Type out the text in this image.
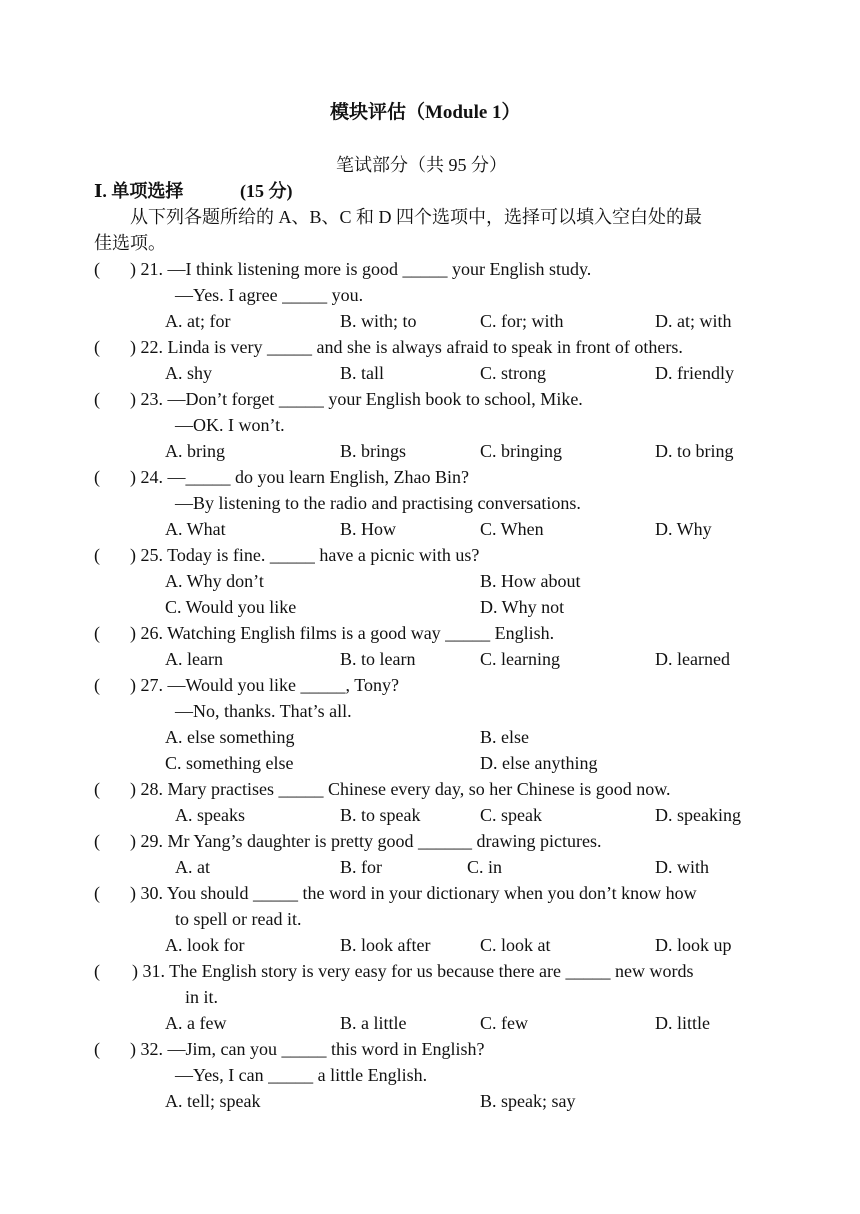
模块评估（Module 1）
笔试部分（共 95 分）
Ⅰ. 单项选择	(15 分)
从下列各题所给的 A、B、C 和 D 四个选项中，选择可以填入空白处的最
佳选项。
( ) 21. —I think listening more is good _____ your English study.
—Yes. I agree _____ you.
A. at; for	B. with; to	C. for; with	D. at; with
( ) 22. Linda is very _____ and she is always afraid to speak in front of others.
A. shy	B. tall	C. strong	D. friendly
( ) 23. —Don’t forget _____ your English book to school, Mike.
—OK. I won’t.
A. bring	B. brings	C. bringing	D. to bring
( ) 24. —_____ do you learn English, Zhao Bin?
—By listening to the radio and practising conversations.
A. What	B. How	C. When	D. Why
( ) 25. Today is fine. _____ have a picnic with us?
A. Why don’t	B. How about
C. Would you like	D. Why not
( ) 26. Watching English films is a good way _____ English.
A. learn	B. to learn	C. learning	D. learned
( ) 27. —Would you like _____, Tony?
—No, thanks. That’s all.
A. else something	B. else
C. something else	D. else anything
( ) 28. Mary practises _____ Chinese every day, so her Chinese is good now.
A. speaks	B. to speak	C. speak	D. speaking
( ) 29. Mr Yang’s daughter is pretty good ______ drawing pictures.
A. at	B. for	C. in	D. with
( ) 30. You should _____ the word in your dictionary when you don’t know how
to spell or read it.
A. look for	B. look after	C. look at	D. look up
( ) 31. The English story is very easy for us because there are _____ new words
in it.
A. a few	B. a little	C. few	D. little
( ) 32. —Jim, can you _____ this word in English?
—Yes, I can _____ a little English.
A. tell; speak	B. speak; say
